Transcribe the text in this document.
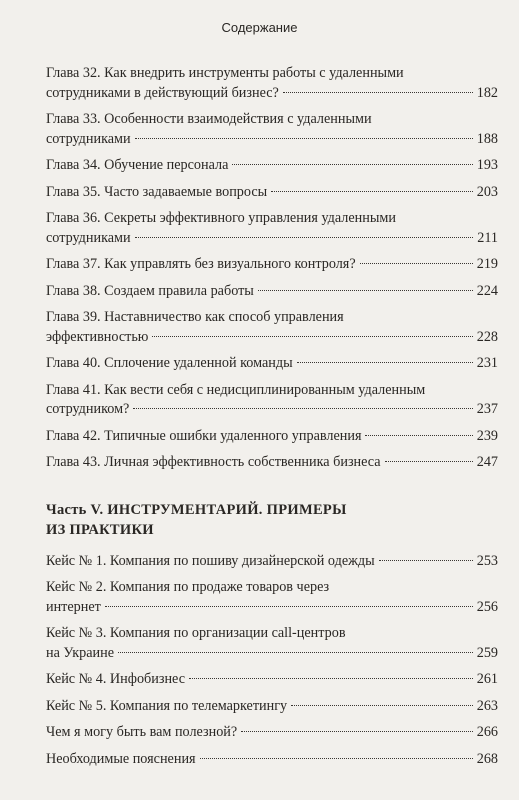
Содержание
Глава 32. Как внедрить инструменты работы с удаленными
сотрудниками в действующий бизнес?	182
Глава 33. Особенности взаимодействия с удаленными
сотрудниками	188
Глава 34. Обучение персонала	193
Глава 35. Часто задаваемые вопросы	203
Глава 36. Секреты эффективного управления удаленными
сотрудниками	211
Глава 37. Как управлять без визуального контроля?	219
Глава 38. Создаем правила работы	224
Глава 39. Наставничество как способ управления
эффективностью	228
Глава 40. Сплочение удаленной команды	231
Глава 41. Как вести себя с недисциплинированным удаленным
сотрудником?	237
Глава 42. Типичные ошибки удаленного управления	239
Глава 43. Личная эффективность собственника бизнеса	247
Часть V. ИНСТРУМЕНТАРИЙ. ПРИМЕРЫ
ИЗ ПРАКТИКИ
Кейс № 1. Компания по пошиву дизайнерской одежды	253
Кейс № 2. Компания по продаже товаров через
интернет	256
Кейс № 3. Компания по организации call-центров
на Украине	259
Кейс № 4. Инфобизнес	261
Кейс № 5. Компания по телемаркетингу	263
Чем я могу быть вам полезной?	266
Необходимые пояснения	268
